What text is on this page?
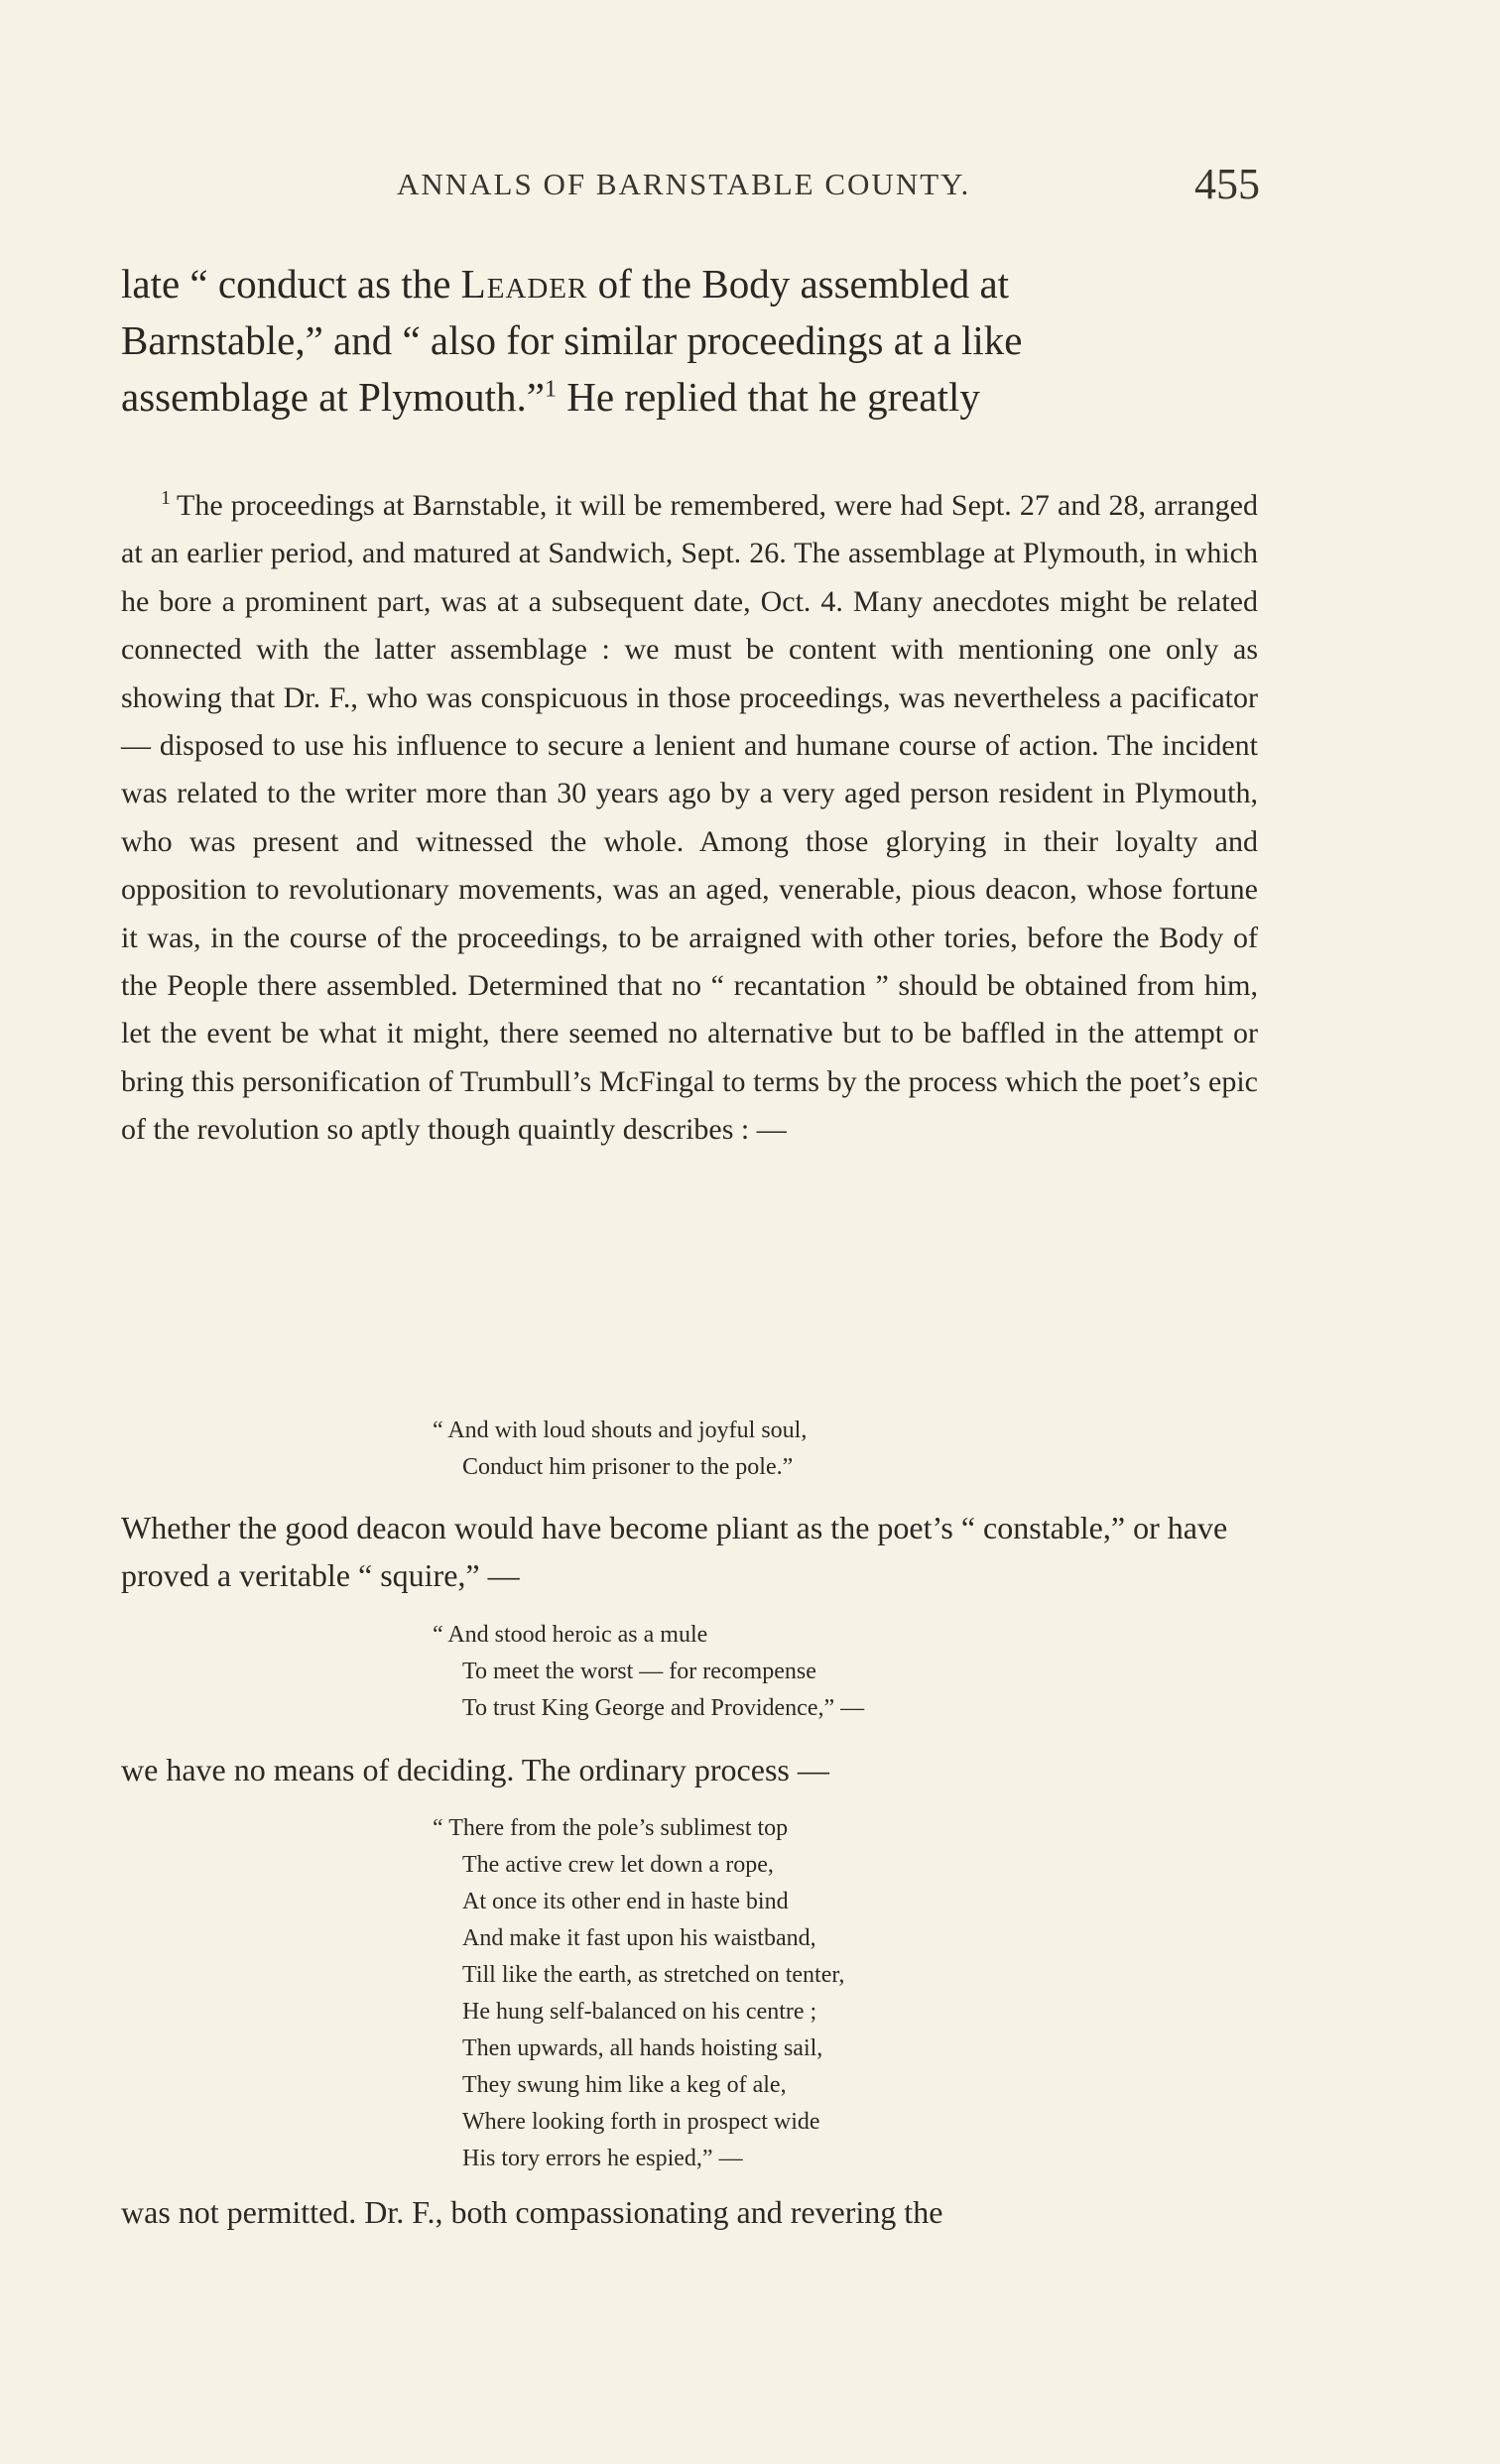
ANNALS OF BARNSTABLE COUNTY.	455

late “ conduct as the Leader of the Body assembled at
Barnstable,” and “ also for similar proceedings at a like
assemblage at Plymouth.”$^1$ He replied that he greatly

$^1$ The proceedings at Barnstable, it will be remembered, were had Sept. 27 and 28, arranged at an earlier period, and matured at Sandwich, Sept. 26. The assemblage at Plymouth, in which he bore a prominent part, was at a subsequent date, Oct. 4. Many anecdotes might be related connected with the latter assemblage : we must be content with mentioning one only as showing that Dr. F., who was conspicuous in those proceedings, was nevertheless a pacificator — disposed to use his influence to secure a lenient and humane course of action. The incident was related to the writer more than 30 years ago by a very aged person resident in Plymouth, who was present and witnessed the whole. Among those glorying in their loyalty and opposition to revolutionary movements, was an aged, venerable, pious deacon, whose fortune it was, in the course of the proceedings, to be arraigned with other tories, before the Body of the People there assembled. Determined that no “ recantation ” should be obtained from him, let the event be what it might, there seemed no alternative but to be baffled in the attempt or bring this personification of Trumbull’s McFingal to terms by the process which the poet’s epic of the revolution so aptly though quaintly describes : —

“ And with loud shouts and joyful soul,
Conduct him prisoner to the pole.”

Whether the good deacon would have become pliant as the poet’s “ constable,” or have proved a veritable “ squire,” —

“ And stood heroic as a mule
To meet the worst — for recompense
To trust King George and Providence,” —

we have no means of deciding. The ordinary process —

“ There from the pole’s sublimest top
The active crew let down a rope,
At once its other end in haste bind
And make it fast upon his waistband,
Till like the earth, as stretched on tenter,
He hung self-balanced on his centre ;
Then upwards, all hands hoisting sail,
They swung him like a keg of ale,
Where looking forth in prospect wide
His tory errors he espied,” —

was not permitted. Dr. F., both compassionating and revering the
